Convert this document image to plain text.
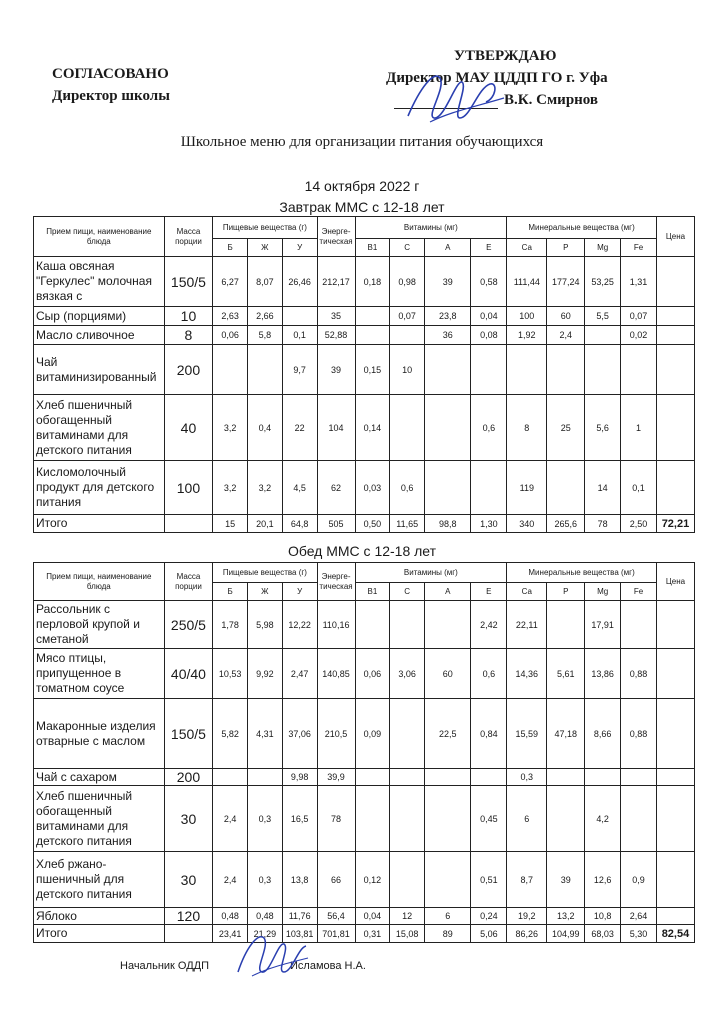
СОГЛАСОВАНО
Директор школы
УТВЕРЖДАЮ
Директор МАУ ЦДДП ГО г. Уфа
В.К. Смирнов
Школьное меню для организации питания обучающихся
14 октября 2022 г
Завтрак ММС с 12-18 лет
Прием пищи, наименование блюда	Масса порции	Пищевые вещества (г)			Энерге-тическая	Витамины (мг)				Минеральные вещества (мг)				Цена
		Б	Ж	У		B1	C	A	E	Ca	P	Mg	Fe	
Каша овсяная "Геркулес" молочная вязкая с	150/5	6,27	8,07	26,46	212,17	0,18	0,98	39	0,58	111,44	177,24	53,25	1,31	
Сыр (порциями)	10	2,63	2,66		35		0,07	23,8	0,04	100	60	5,5	0,07	
Масло сливочное	8	0,06	5,8	0,1	52,88			36	0,08	1,92	2,4		0,02	
Чай витаминизированный	200			9,7	39	0,15	10							
Хлеб пшеничный обогащенный витаминами для детского питания	40	3,2	0,4	22	104	0,14			0,6	8	25	5,6	1	
Кисломолочный продукт для детского питания	100	3,2	3,2	4,5	62	0,03	0,6			119		14	0,1	
Итого		15	20,1	64,8	505	0,50	11,65	98,8	1,30	340	265,6	78	2,50	72,21
Обед ММС с 12-18 лет
Прием пищи, наименование блюда	Масса порции	Пищевые вещества (г)			Энерге-тическая	Витамины (мг)				Минеральные вещества (мг)				Цена
		Б	Ж	У		B1	C	A	E	Ca	P	Mg	Fe	
Рассольник с перловой крупой и сметаной	250/5	1,78	5,98	12,22	110,16				2,42	22,11		17,91		
Мясо птицы, припущенное в томатном соусе	40/40	10,53	9,92	2,47	140,85	0,06	3,06	60	0,6	14,36	5,61	13,86	0,88	
Макаронные изделия отварные с маслом	150/5	5,82	4,31	37,06	210,5	0,09		22,5	0,84	15,59	47,18	8,66	0,88	
Чай с сахаром	200			9,98	39,9					0,3				
Хлеб пшеничный обогащенный витаминами для детского питания	30	2,4	0,3	16,5	78				0,45	6		4,2		
Хлеб ржано-пшеничный для детского питания	30	2,4	0,3	13,8	66	0,12			0,51	8,7	39	12,6	0,9	
Яблоко	120	0,48	0,48	11,76	56,4	0,04	12	6	0,24	19,2	13,2	10,8	2,64	
Итого		23,41	21,29	103,81	701,81	0,31	15,08	89	5,06	86,26	104,99	68,03	5,30	82,54
Начальник ОДДП	Исламова Н.А.
